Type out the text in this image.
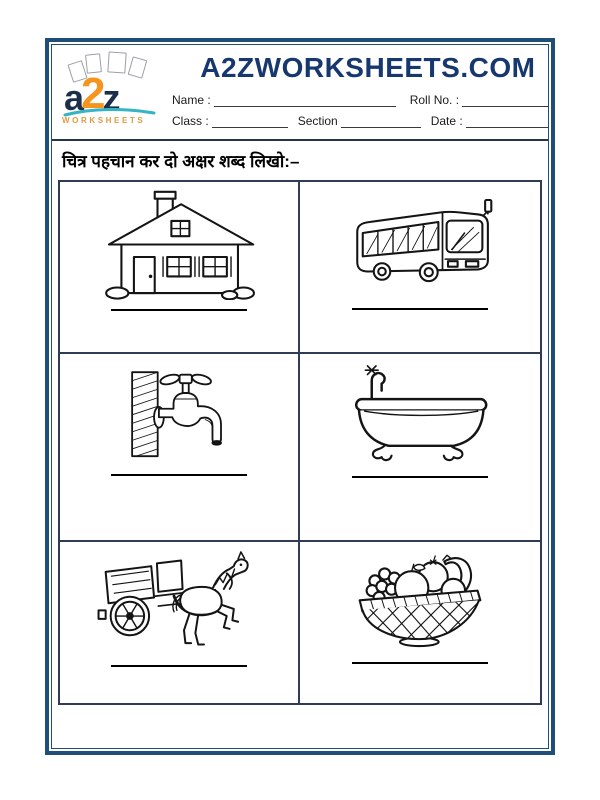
a 2 z
WORKSHEETS
A2ZWORKSHEETS.COM
Name :	Roll No. :
Class :	Section	Date :
चित्र पहचान कर दो अक्षर शब्द लिखो:–
